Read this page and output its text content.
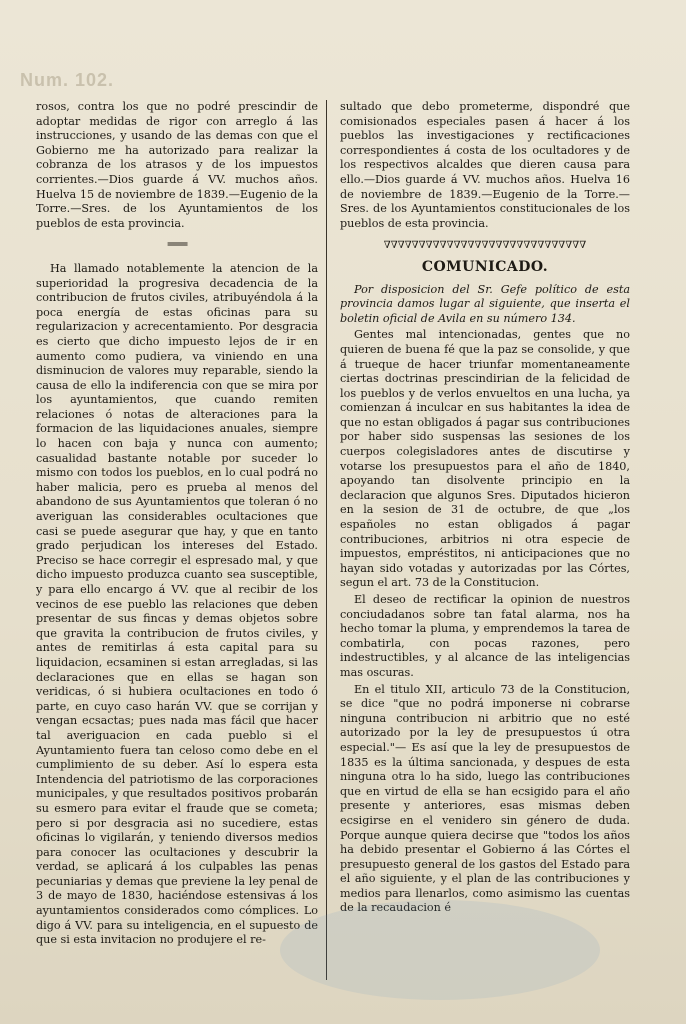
Num. 102.

rosos, contra los que no podré prescindir de adoptar medidas de rigor con arreglo á las instrucciones, y usando de las demas con que el Gobierno me ha autorizado para realizar la cobranza de los atrasos y de los impuestos corrientes.—Dios guarde á VV. muchos años. Huelva 15 de noviembre de 1839.—Eugenio de la Torre.—Sres. de los Ayuntamientos de los pueblos de esta provincia.

═══

Ha llamado notablemente la atencion de la superioridad la progresiva decadencia de la contribucion de frutos civiles, atribuyéndola á la poca energía de estas oficinas para su regularizacion y acrecentamiento. Por desgracia es cierto que dicho impuesto lejos de ir en aumento como pudiera, va viniendo en una disminucion de valores muy reparable, siendo la causa de ello la indiferencia con que se mira por los ayuntamientos, que cuando remiten relaciones ó notas de alteraciones para la formacion de las liquidaciones anuales, siempre lo hacen con baja y nunca con aumento; casualidad bastante notable por suceder lo mismo con todos los pueblos, en lo cual podrá no haber malicia, pero es prueba al menos del abandono de sus Ayuntamientos que toleran ó no averiguan las considerables ocultaciones que casi se puede asegurar que hay, y que en tanto grado perjudican los intereses del Estado. Preciso se hace corregir el espresado mal, y que dicho impuesto produzca cuanto sea susceptible, y para ello encargo á VV. que al recibir de los vecinos de ese pueblo las relaciones que deben presentar de sus fincas y demas objetos sobre que gravita la contribucion de frutos civiles, y antes de remitirlas á esta capital para su liquidacion, ecsaminen si estan arregladas, si las declaraciones que en ellas se hagan son veridicas, ó si hubiera ocultaciones en todo ó parte, en cuyo caso harán VV. que se corrijan y vengan ecsactas; pues nada mas fácil que hacer tal averiguacion en cada pueblo si el Ayuntamiento fuera tan celoso como debe en el cumplimiento de su deber. Así lo espera esta Intendencia del patriotismo de las corporaciones municipales, y que resultados positivos probarán su esmero para evitar el fraude que se cometa; pero si por desgracia asi no sucediere, estas oficinas lo vigilarán, y teniendo diversos medios para conocer las ocultaciones y descubrir la verdad, se aplicará á los culpables las penas pecuniarias y demas que previene la ley penal de 3 de mayo de 1830, haciéndose estensivas á los ayuntamientos considerados como cómplices. Lo digo á VV. para su inteligencia, en el supuesto de que si esta invitacion no produjere el re-

sultado que debo prometerme, dispondré que comisionados especiales pasen á hacer á los pueblos las investigaciones y rectificaciones correspondientes á costa de los ocultadores y de los respectivos alcaldes que dieren causa para ello.—Dios guarde á VV. muchos años. Huelva 16 de noviembre de 1839.—Eugenio de la Torre.—Sres. de los Ayuntamientos constitucionales de los pueblos de esta provincia.

∇∇∇∇∇∇∇∇∇∇∇∇∇∇∇∇∇∇∇∇∇∇∇∇∇∇∇∇∇
COMUNICADO.

Por disposicion del Sr. Gefe político de esta provincia damos lugar al siguiente, que inserta el boletin oficial de Avila en su número 134.

Gentes mal intencionadas, gentes que no quieren de buena fé que la paz se consolide, y que á trueque de hacer triunfar momentaneamente ciertas doctrinas prescindirian de la felicidad de los pueblos y de verlos envueltos en una lucha, ya comienzan á inculcar en sus habitantes la idea de que no estan obligados á pagar sus contribuciones por haber sido suspensas las sesiones de los cuerpos colegisladores antes de discutirse y votarse los presupuestos para el año de 1840, apoyando tan disolvente principio en la declaracion que algunos Sres. Diputados hicieron en la sesion de 31 de octubre, de que „los españoles no estan obligados á pagar contribuciones, arbitrios ni otra especie de impuestos, empréstitos, ni anticipaciones que no hayan sido votadas y autorizadas por las Córtes, segun el art. 73 de la Constitucion.

El deseo de rectificar la opinion de nuestros conciudadanos sobre tan fatal alarma, nos ha hecho tomar la pluma, y emprendemos la tarea de combatirla, con pocas razones, pero indestructibles, y al alcance de las inteligencias mas oscuras.

En el titulo XII, articulo 73 de la Constitucion, se dice "que no podrá imponerse ni cobrarse ninguna contribucion ni arbitrio que no esté autorizado por la ley de presupuestos ú otra especial."— Es así que la ley de presupuestos de 1835 es la última sancionada, y despues de esta ninguna otra lo ha sido, luego las contribuciones que en virtud de ella se han ecsigido para el año presente y anteriores, esas mismas deben ecsigirse en el venidero sin género de duda. Porque aunque quiera decirse que "todos los años ha debido presentar el Gobierno á las Córtes el presupuesto general de los gastos del Estado para el año siguiente, y el plan de las contribuciones y medios para llenarlos, como asimismo las cuentas de la recaudacion é
